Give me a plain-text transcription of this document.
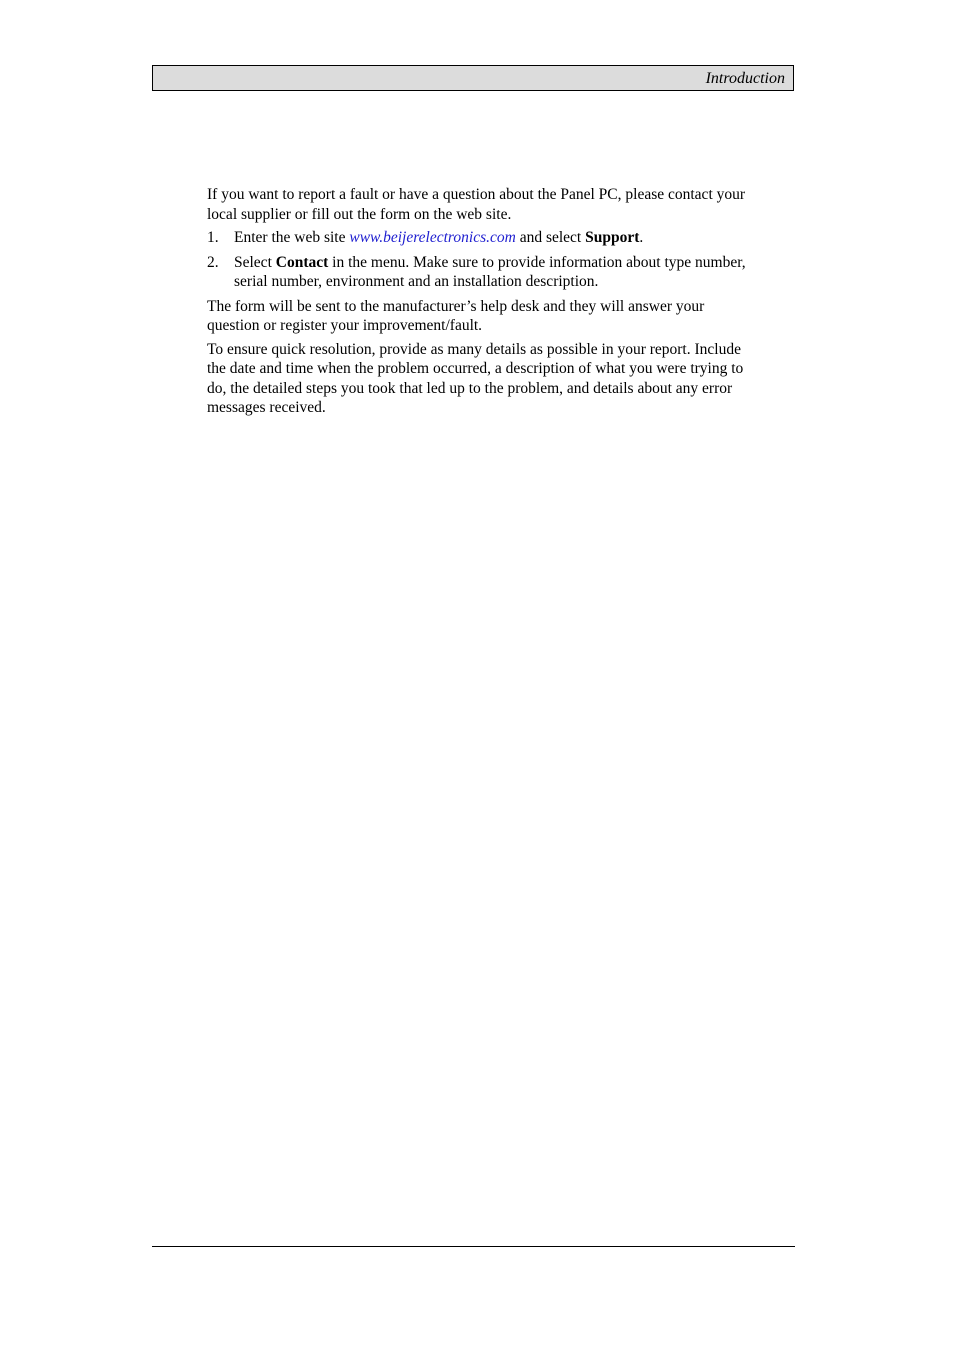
Introduction

If you want to report a fault or have a question about the Panel PC, please contact your local supplier or fill out the form on the web site.

1. Enter the web site www.beijerelectronics.com and select Support.
2. Select Contact in the menu. Make sure to provide information about type number, serial number, environment and an installation description.

The form will be sent to the manufacturer’s help desk and they will answer your question or register your improvement/fault.

To ensure quick resolution, provide as many details as possible in your report. Include the date and time when the problem occurred, a description of what you were trying to do, the detailed steps you took that led up to the problem, and details about any error messages received.
